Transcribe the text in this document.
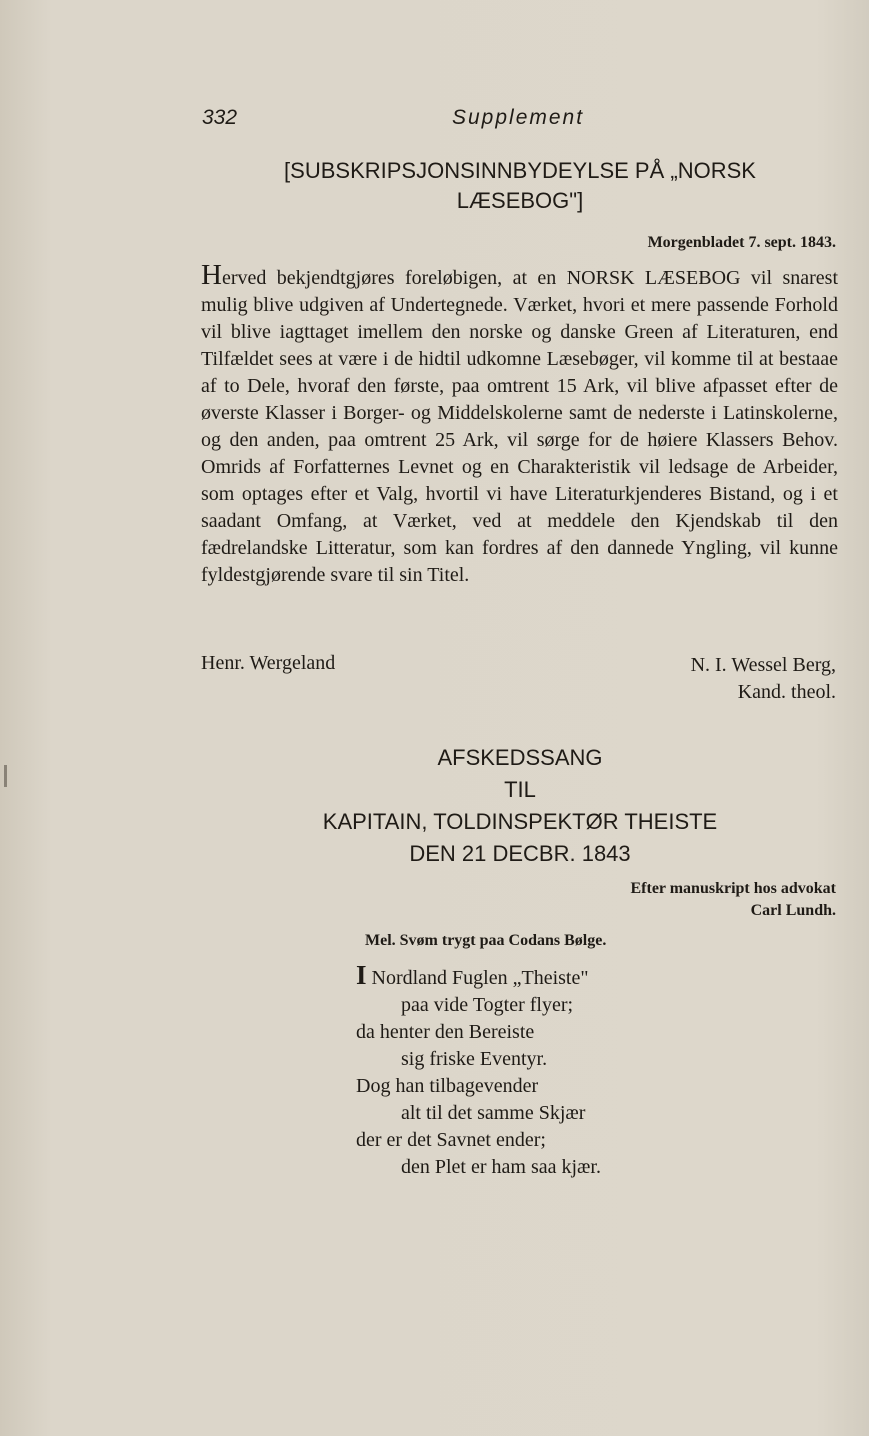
332	Supplement
[SUBSKRIPSJONSINNBYDEYLSE PÅ „NORSK
LÆSEBOG"]
Morgenbladet 7. sept. 1843.
Herved bekjendtgjøres foreløbigen, at en NORSK LÆSEBOG vil snarest mulig blive udgiven af Undertegnede. Værket, hvori et mere passende Forhold vil blive iagttaget imellem den norske og danske Green af Literaturen, end Tilfældet sees at være i de hidtil udkomne Læsebøger, vil komme til at bestaae af to Dele, hvoraf den første, paa omtrent 15 Ark, vil blive afpasset efter de øverste Klasser i Borger- og Middelskolerne samt de nederste i Latinskolerne, og den anden, paa omtrent 25 Ark, vil sørge for de høiere Klassers Behov. Omrids af Forfatternes Levnet og en Charakteristik vil ledsage de Arbeider, som optages efter et Valg, hvortil vi have Literaturkjenderes Bistand, og i et saadant Omfang, at Værket, ved at meddele den Kjendskab til den fædrelandske Litteratur, som kan fordres af den dannede Yngling, vil kunne fyldestgjørende svare til sin Titel.
Henr. Wergeland	N. I. Wessel Berg,
Kand. theol.
AFSKEDSSANG
TIL
KAPITAIN, TOLDINSPEKTØR THEISTE
DEN 21 DECBR. 1843
Efter manuskript hos advokat
Carl Lundh.
Mel. Svøm trygt paa Codans Bølge.
I Nordland Fuglen „Theiste"
paa vide Togter flyer;
da henter den Bereiste
sig friske Eventyr.
Dog han tilbagevender
alt til det samme Skjær
der er det Savnet ender;
den Plet er ham saa kjær.
